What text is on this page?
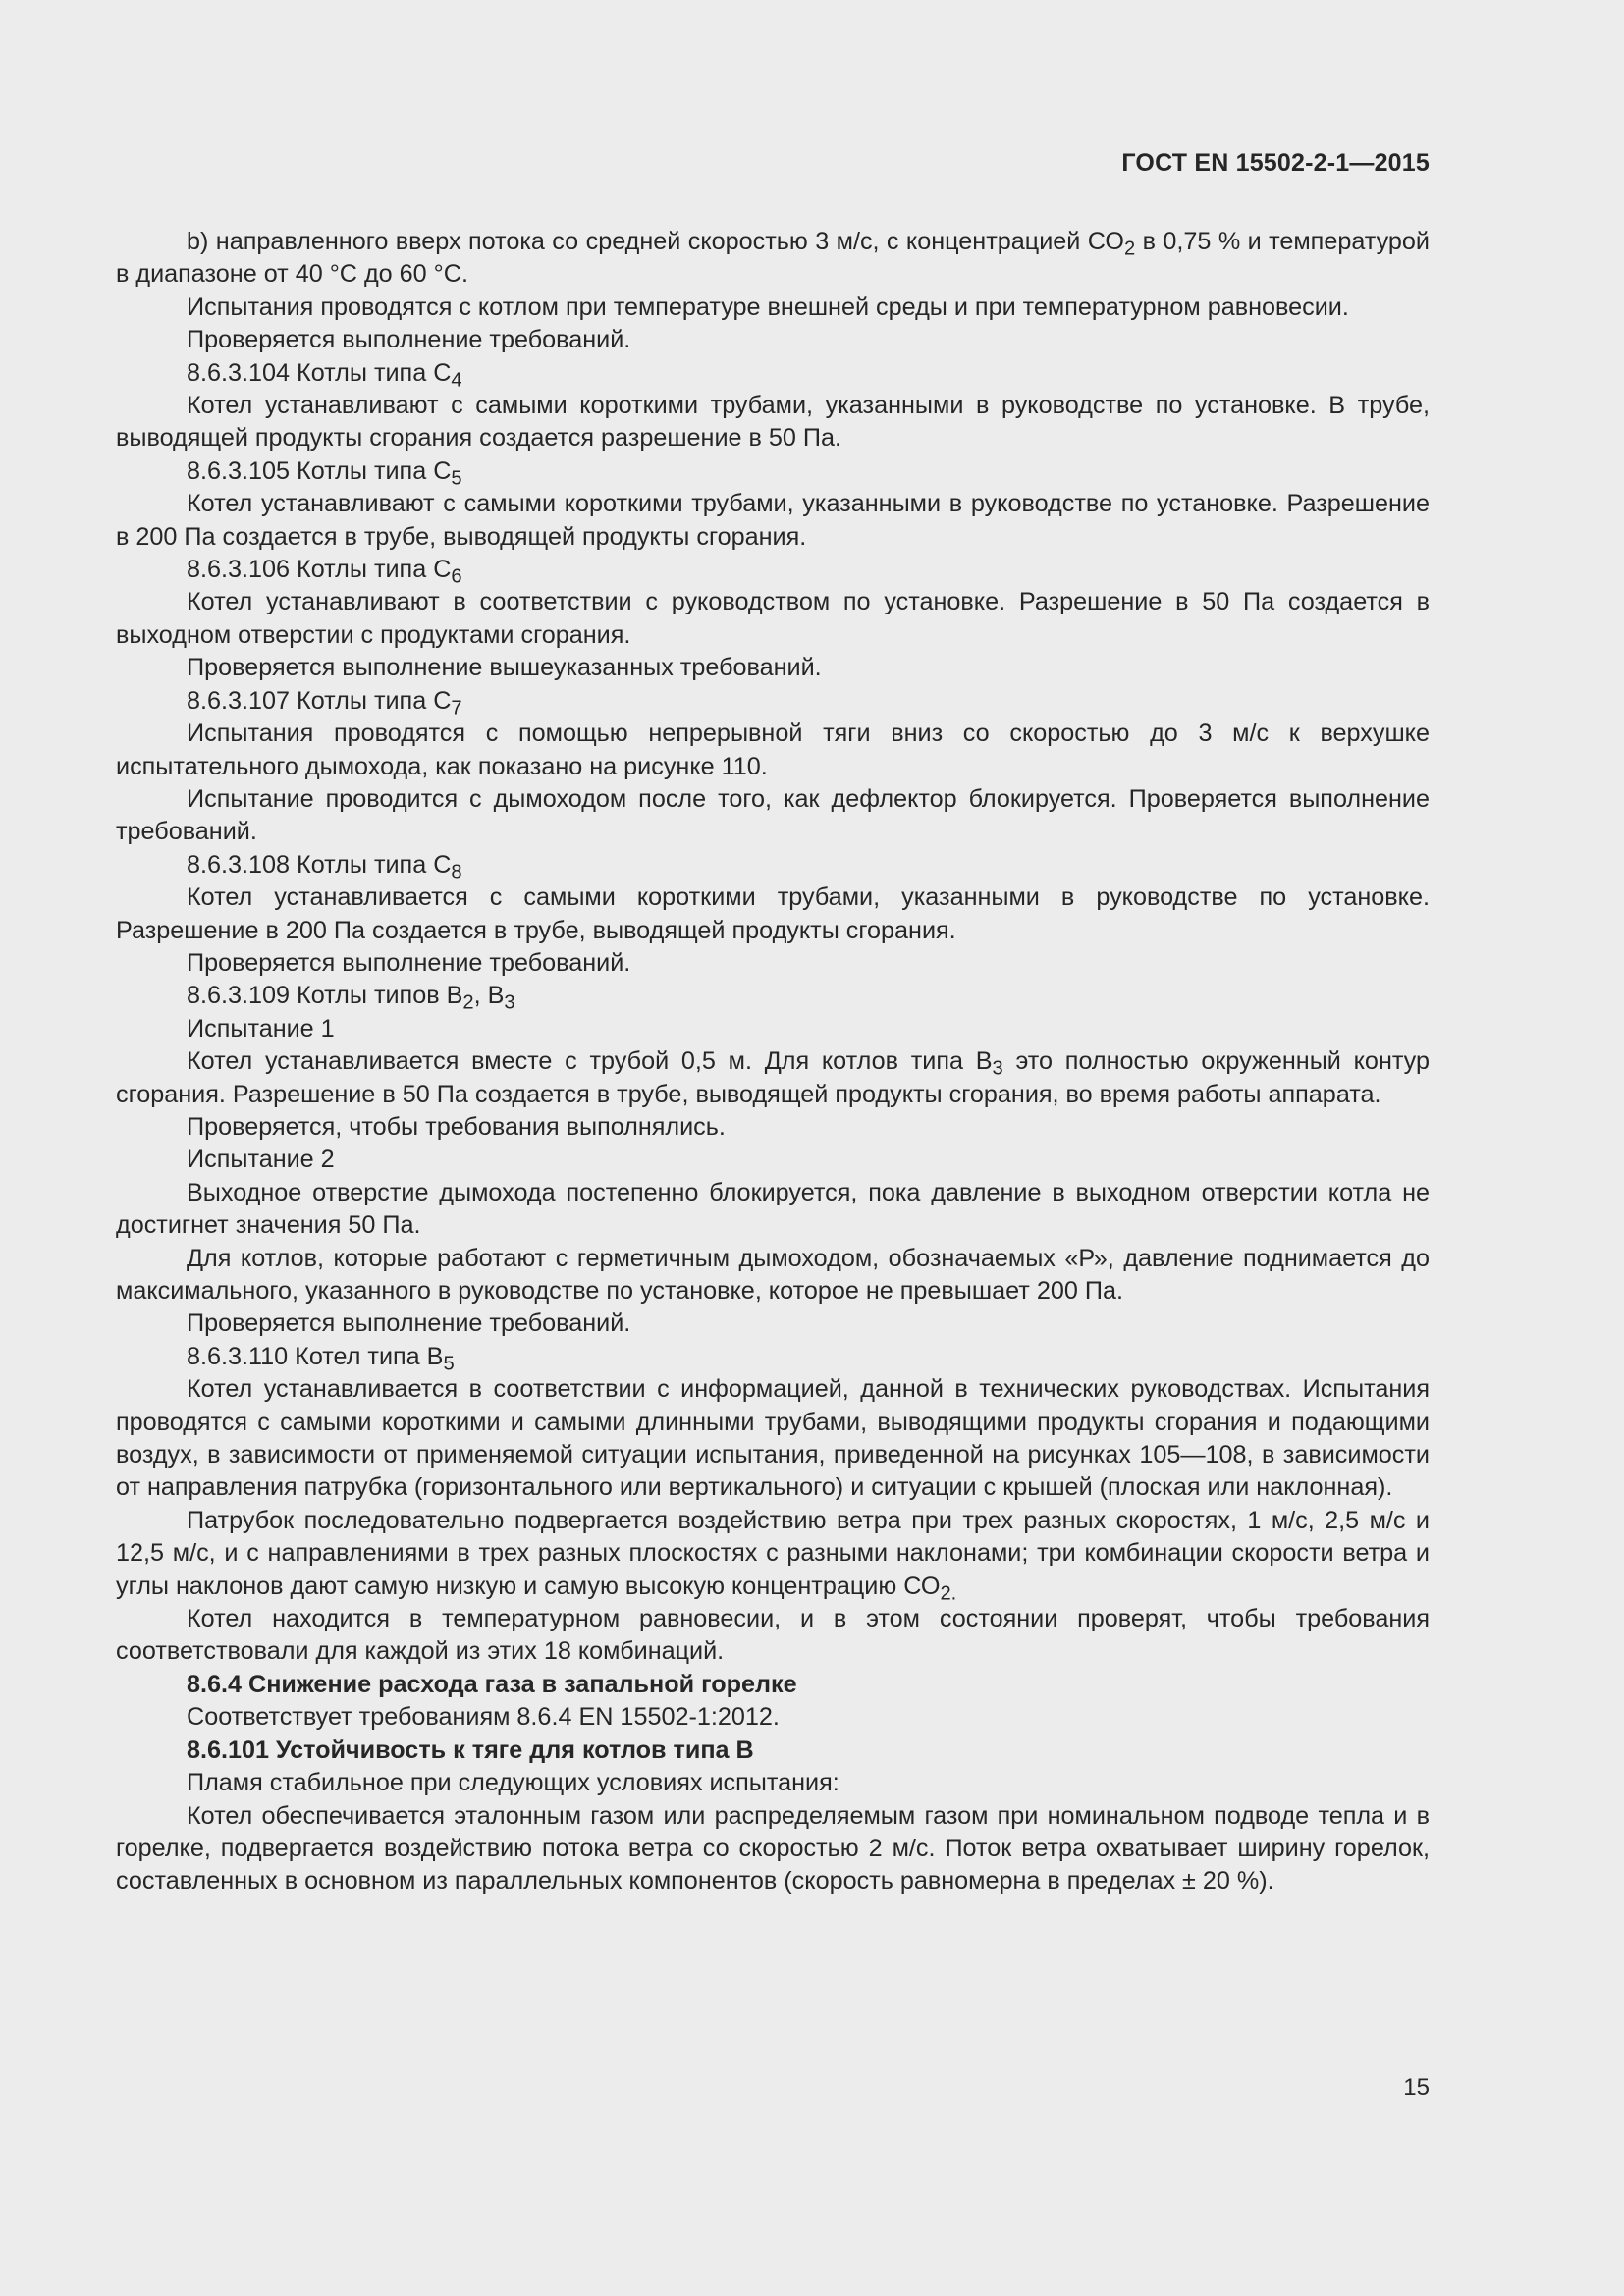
ГОСТ EN 15502-2-1—2015

b) направленного вверх потока со средней скоростью 3 м/с, с концентрацией $СО_2$ в 0,75 % и температурой в диапазоне от 40 °С до 60 °С.

Испытания проводятся с котлом при температуре внешней среды и при температурном равновесии.

Проверяется выполнение требований.

8.6.3.104 Котлы типа $С_4$

Котел устанавливают с самыми короткими трубами, указанными в руководстве по установке. В трубе, выводящей продукты сгорания создается разрешение в 50 Па.

8.6.3.105 Котлы типа $С_5$

Котел устанавливают с самыми короткими трубами, указанными в руководстве по установке. Разрешение в 200 Па создается в трубе, выводящей продукты сгорания.

8.6.3.106 Котлы типа $С_6$

Котел устанавливают в соответствии с руководством по установке. Разрешение в 50 Па создается в выходном отверстии с продуктами сгорания.

Проверяется выполнение вышеуказанных требований.

8.6.3.107 Котлы типа $С_7$

Испытания проводятся с помощью непрерывной тяги вниз со скоростью до 3 м/с к верхушке испытательного дымохода, как показано на рисунке 110.

Испытание проводится с дымоходом после того, как дефлектор блокируется. Проверяется выполнение требований.

8.6.3.108 Котлы типа $С_8$

Котел устанавливается с самыми короткими трубами, указанными в руководстве по установке. Разрешение в 200 Па создается в трубе, выводящей продукты сгорания.

Проверяется выполнение требований.

8.6.3.109 Котлы типов $В_2$, $В_3$

Испытание 1

Котел устанавливается вместе с трубой 0,5 м. Для котлов типа $В_3$ это полностью окруженный контур сгорания. Разрешение в 50 Па создается в трубе, выводящей продукты сгорания, во время работы аппарата.

Проверяется, чтобы требования выполнялись.

Испытание 2

Выходное отверстие дымохода постепенно блокируется, пока давление в выходном отверстии котла не достигнет значения 50 Па.

Для котлов, которые работают с герметичным дымоходом, обозначаемых «Р», давление поднимается до максимального, указанного в руководстве по установке, которое не превышает 200 Па.

Проверяется выполнение требований.

8.6.3.110 Котел типа $В_5$

Котел устанавливается в соответствии с информацией, данной в технических руководствах. Испытания проводятся с самыми короткими и самыми длинными трубами, выводящими продукты сгорания и подающими воздух, в зависимости от применяемой ситуации испытания, приведенной на рисунках 105—108, в зависимости от направления патрубка (горизонтального или вертикального) и ситуации с крышей (плоская или наклонная).

Патрубок последовательно подвергается воздействию ветра при трех разных скоростях, 1 м/с, 2,5 м/с и 12,5 м/с, и с направлениями в трех разных плоскостях с разными наклонами; три комбинации скорости ветра и углы наклонов дают самую низкую и самую высокую концентрацию $СО_{2.}$

Котел находится в температурном равновесии, и в этом состоянии проверят, чтобы требования соответствовали для каждой из этих 18 комбинаций.

8.6.4 Снижение расхода газа в запальной горелке

Соответствует требованиям 8.6.4 EN 15502-1:2012.

8.6.101 Устойчивость к тяге для котлов типа В

Пламя стабильное при следующих условиях испытания:

Котел обеспечивается эталонным газом или распределяемым газом при номинальном подводе тепла и в горелке, подвергается воздействию потока ветра со скоростью 2 м/с. Поток ветра охватывает ширину горелок, составленных в основном из параллельных компонентов (скорость равномерна в пределах ± 20 %).

15
